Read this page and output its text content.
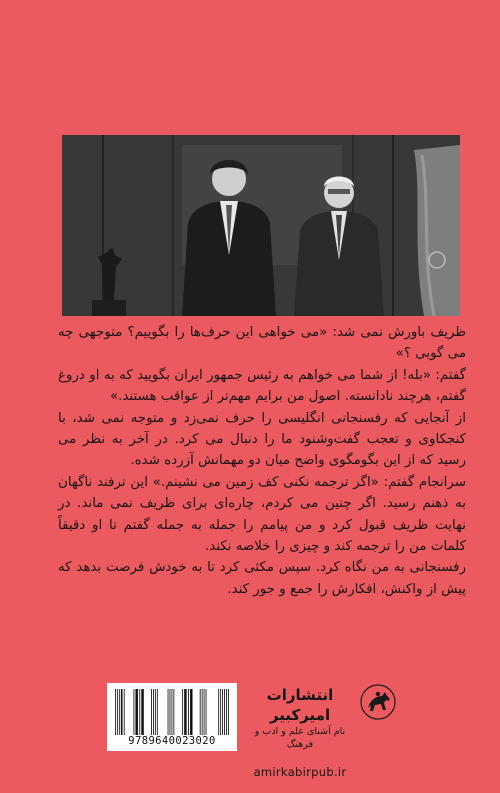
ظریف باورش نمی شد: «می خواهی این حرف‌ها را بگوییم؟ متوجهی چه می گویی ؟»

گفتم: «بله! از شما می خواهم به رئیس جمهور ایران بگویید که به او دروغ گفتم، هرچند نادانسته. اصول من برایم مهم‌تر از عواقب هستند.»

از آنجایی که رفسنجانی انگلیسی را حرف نمی‌زد و متوجه نمی شد، با کنجکاوی و تعجب گفت‌وشنود ما را دنبال می کرد. در آخر به نظر می رسید که از این بگومگوی واضح میان دو مهمانش آزرده شده.

سرانجام گفتم: «اگر ترجمه نکنی کف زمین می نشینم.» این ترفند ناگهان به ذهنم رسید. اگر چنین می کردم، چاره‌ای برای ظریف نمی ماند. در نهایت ظریف قبول کرد و من پیامم را جمله به جمله گفتم تا او دقیقاً کلمات من را ترجمه کند و چیزی را خلاصه نکند.

رفسنجانی به من نگاه کرد. سپس مکثی کرد تا به خودش فرصت بدهد که پیش از واکنش، افکارش را جمع و جور کند.

9789640023020
انتشارات امیرکبیر
نام آشنای علم و ادب و فرهنگ
amirkabirpub.ir
